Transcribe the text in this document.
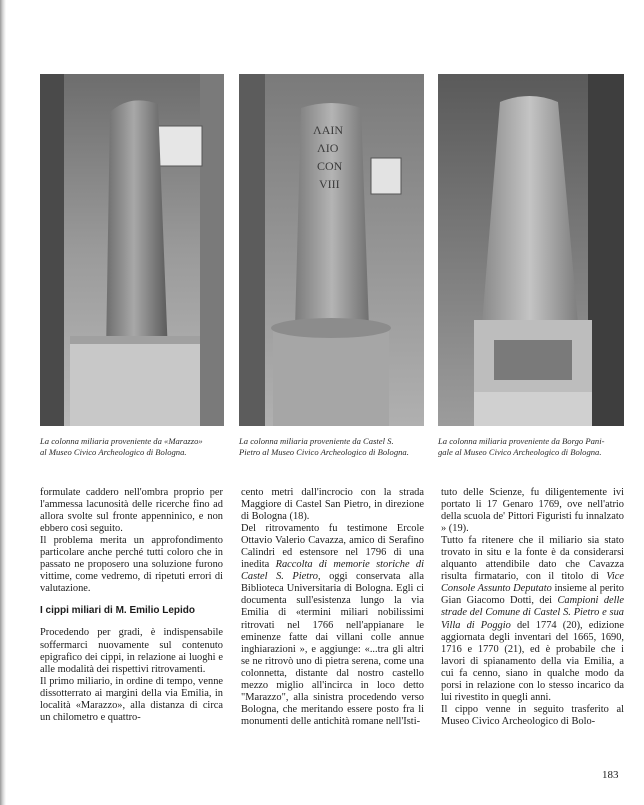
ΛΑΙΝ
ΛΙΟ
CON
VIII
La colonna miliaria proveniente da «Marazzo»
al Museo Civico Archeologico di Bologna.
La colonna miliaria proveniente da Castel S.
Pietro al Museo Civico Archeologico di Bologna.
La colonna miliaria proveniente da Borgo Pani-
gale al Museo Civico Archeologico di Bologna.

formulate caddero nell'ombra proprio per l'ammessa lacunosità delle ricerche fino ad allora svolte sul fronte appenninico, e non ebbero così seguito.

Il problema merita un approfondimento particolare anche perché tutti coloro che in passato ne proposero una soluzione furono vittime, come vedremo, di ripetuti errori di valutazione.

I cippi miliari di M. Emilio Lepido

Procedendo per gradi, è indispensabile soffermarci nuovamente sul contenuto epigrafico dei cippi, in relazione ai luoghi e alle modalità dei rispettivi ritrovamenti.

Il primo miliario, in ordine di tempo, venne dissotterrato ai margini della via Emilia, in località «Marazzo», alla distanza di circa un chilometro e quattro-

cento metri dall'incrocio con la strada Maggiore di Castel San Pietro, in direzione di Bologna (18).

Del ritrovamento fu testimone Ercole Ottavio Valerio Cavazza, amico di Serafino Calindri ed estensore nel 1796 di una inedita Raccolta di memorie storiche di Castel S. Pietro, oggi conservata alla Biblioteca Universitaria di Bologna. Egli ci documenta sull'esistenza lungo la via Emilia di «termini miliari nobilissimi ritrovati nel 1766 nell'appianare le eminenze fatte dai villani colle annue inghiarazioni », e aggiunge: «...tra gli altri se ne ritrovò uno di pietra serena, come una colonnetta, distante dal nostro castello mezzo miglio all'incirca in loco detto "Marazzo", alla sinistra procedendo verso Bologna, che meritando essere posto fra li monumenti delle antichità romane nell'Isti-

tuto delle Scienze, fu diligentemente ivi portato li 17 Genaro 1769, ove nell'atrio della scuola de' Pittori Figuristi fu innalzato » (19).

Tutto fa ritenere che il miliario sia stato trovato in situ e la fonte è da considerarsi alquanto attendibile dato che Cavazza risulta firmatario, con il titolo di Vice Console Assunto Deputato insieme al perito Gian Giacomo Dotti, dei Campioni delle strade del Comune di Castel S. Pietro e sua Villa di Poggio del 1774 (20), edizione aggiornata degli inventari del 1665, 1690, 1716 e 1770 (21), ed è probabile che i lavori di spianamento della via Emilia, a cui fa cenno, siano in qualche modo da porsi in relazione con lo stesso incarico da lui rivestito in quegli anni.

Il cippo venne in seguito trasferito al Museo Civico Archeologico di Bolo-

183
